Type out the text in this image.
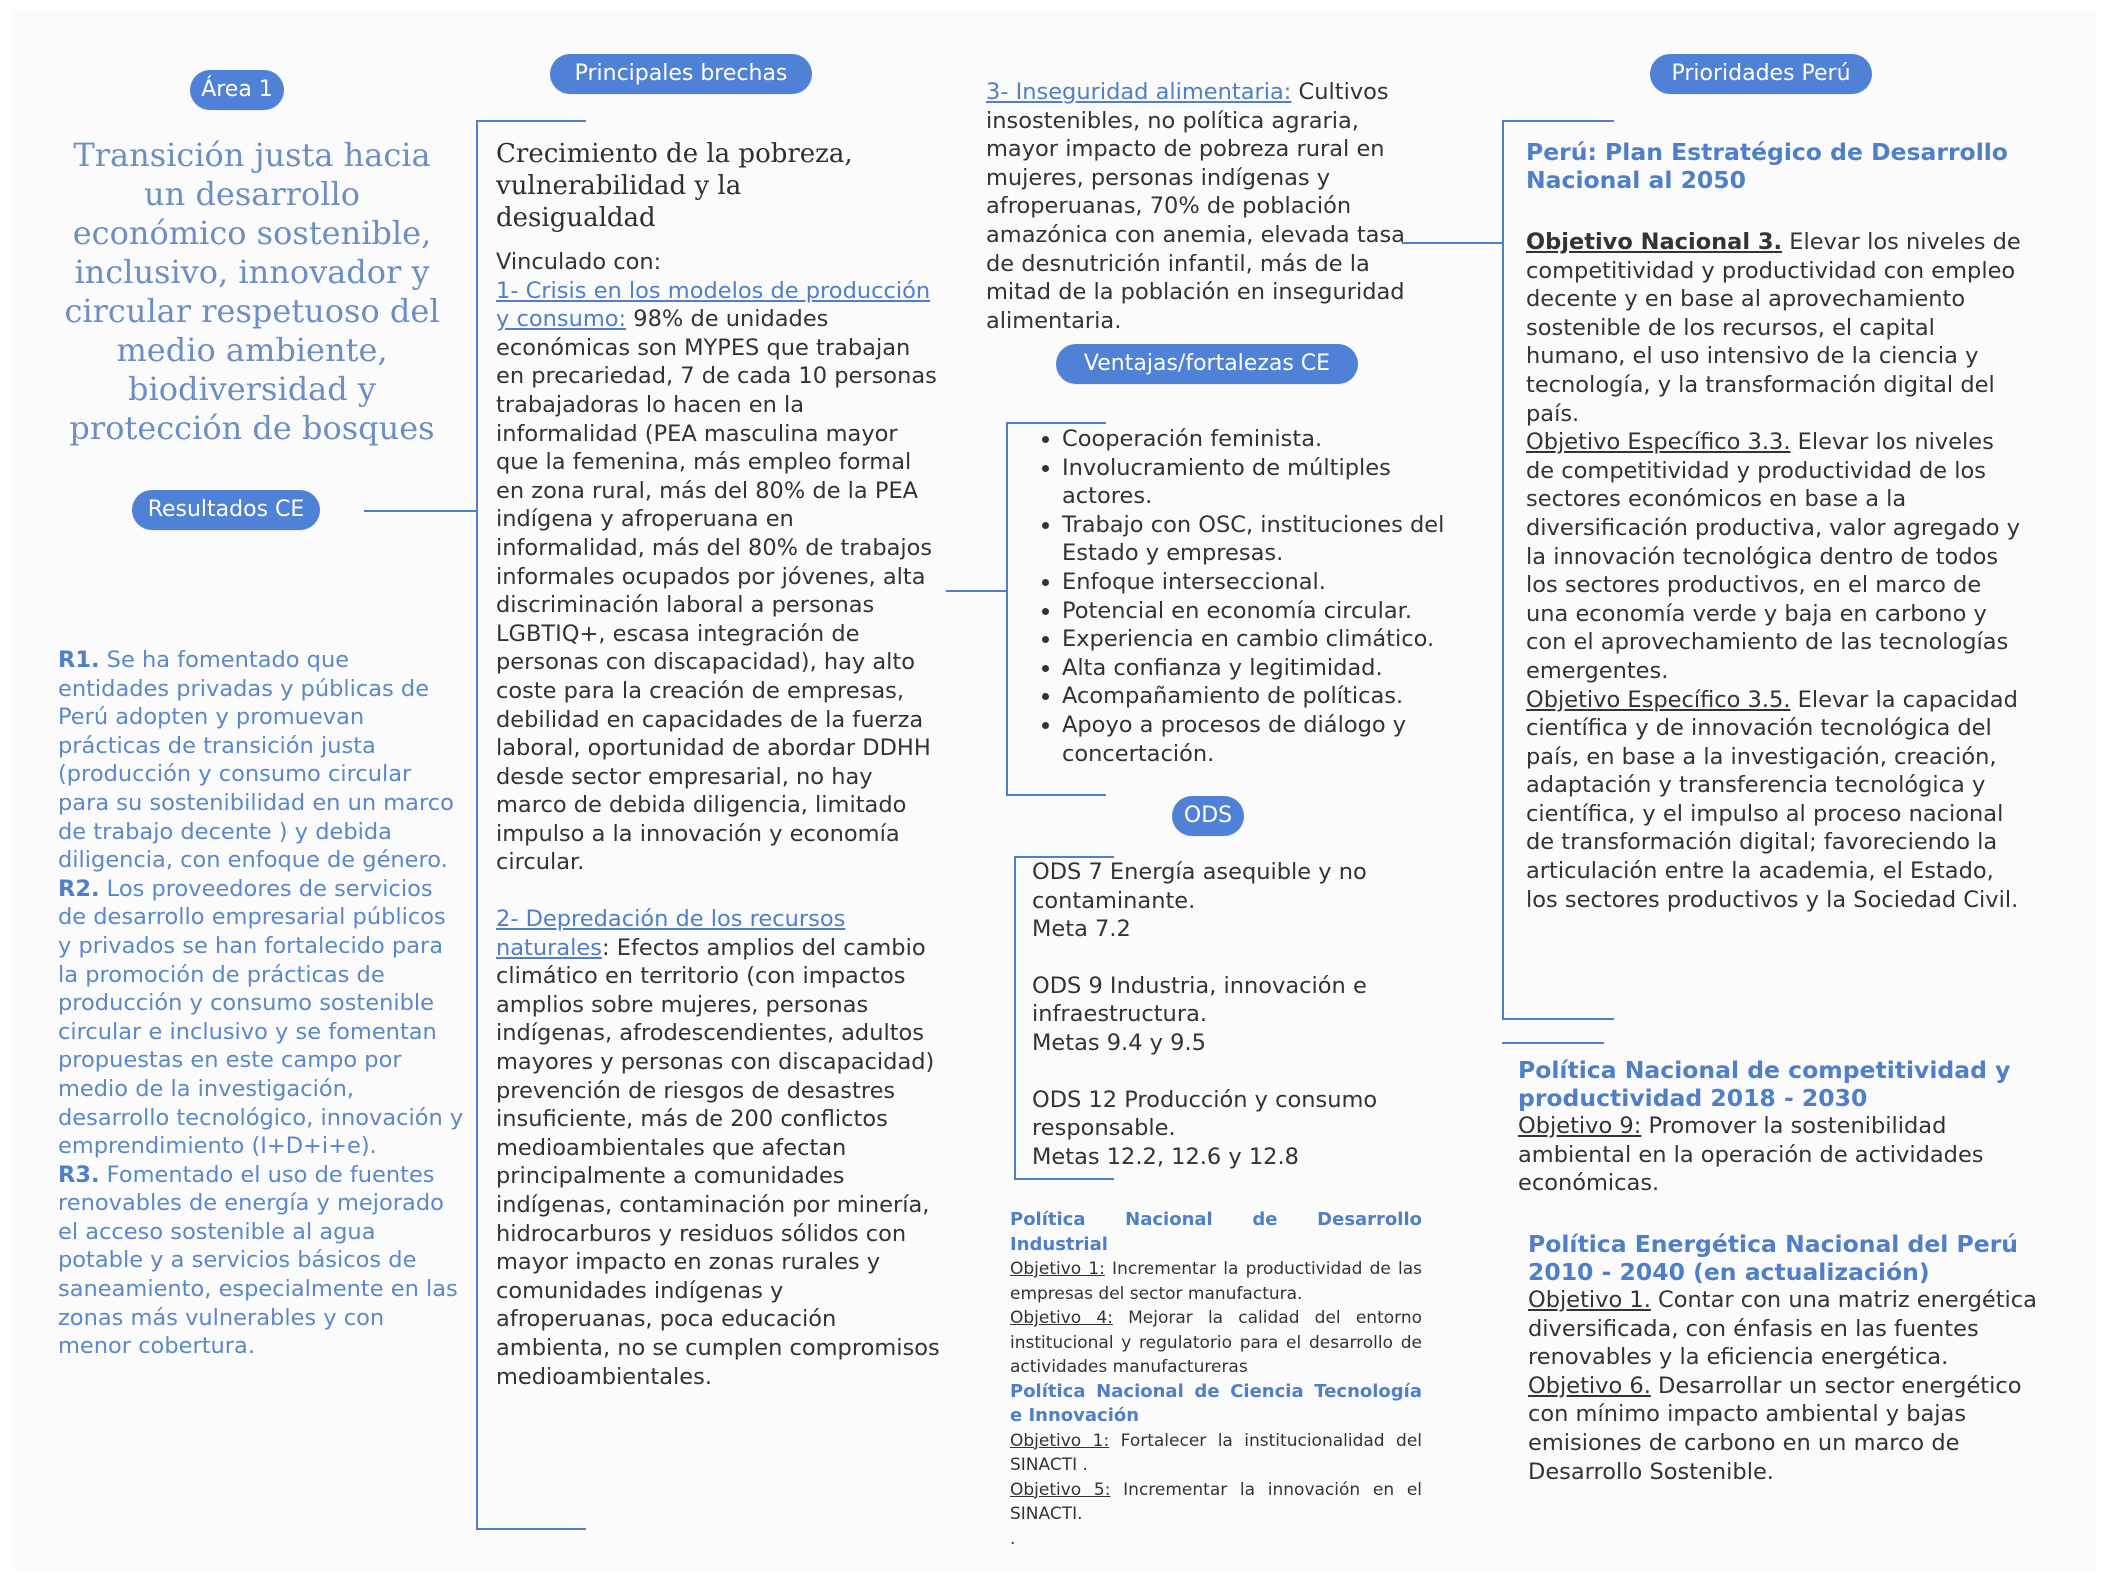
Área 1
Transición justa hacia un desarrollo económico sostenible, inclusivo, innovador y circular respetuoso del medio ambiente, biodiversidad y protección de bosques
Resultados CE
R1. Se ha fomentado que entidades privadas y públicas de Perú adopten y promuevan prácticas de transición justa (producción y consumo circular para su sostenibilidad en un marco de trabajo decente ) y debida diligencia, con enfoque de género.
R2. Los proveedores de servicios de desarrollo empresarial públicos y privados se han fortalecido para la promoción de prácticas de producción y consumo sostenible circular e inclusivo y se fomentan propuestas en este campo por medio de la investigación, desarrollo tecnológico, innovación y emprendimiento (I+D+i+e).
R3. Fomentado el uso de fuentes renovables de energía y mejorado el acceso sostenible al agua potable y a servicios básicos de saneamiento, especialmente en las zonas más vulnerables y con menor cobertura.
Principales brechas
Crecimiento de la pobreza, vulnerabilidad y la desigualdad
Vinculado con:
1- Crisis en los modelos de producción y consumo: 98% de unidades económicas son MYPES que trabajan en precariedad, 7 de cada 10 personas trabajadoras lo hacen en la informalidad (PEA masculina mayor que la femenina, más empleo formal en zona rural, más del 80% de la PEA indígena y afroperuana en informalidad, más del 80% de trabajos informales ocupados por jóvenes, alta discriminación laboral a personas LGBTIQ+, escasa integración de personas con discapacidad), hay alto coste para la creación de empresas, debilidad en capacidades de la fuerza laboral, oportunidad de abordar DDHH desde sector empresarial, no hay marco de debida diligencia, limitado impulso a la innovación y economía circular.
2- Depredación de los recursos naturales: Efectos amplios del cambio climático en territorio (con impactos amplios sobre mujeres, personas indígenas, afrodescendientes, adultos mayores y personas con discapacidad) prevención de riesgos de desastres insuficiente, más de 200 conflictos medioambientales que afectan principalmente a comunidades indígenas, contaminación por minería, hidrocarburos y residuos sólidos con mayor impacto en zonas rurales y comunidades indígenas y afroperuanas, poca educación ambienta, no se cumplen compromisos medioambientales.
3- Inseguridad alimentaria: Cultivos insostenibles, no política agraria, mayor impacto de pobreza rural en mujeres, personas indígenas y afroperuanas, 70% de población amazónica con anemia, elevada tasa de desnutrición infantil, más de la mitad de la población en inseguridad alimentaria.
Ventajas/fortalezas CE
• Cooperación feminista.
• Involucramiento de múltiples actores.
• Trabajo con OSC, instituciones del Estado y empresas.
• Enfoque interseccional.
• Potencial en economía circular.
• Experiencia en cambio climático.
• Alta confianza y legitimidad.
• Acompañamiento de políticas.
• Apoyo a procesos de diálogo y concertación.
ODS
ODS 7 Energía asequible y no contaminante.
Meta 7.2
ODS 9 Industria, innovación e infraestructura.
Metas 9.4 y 9.5
ODS 12 Producción y consumo responsable.
Metas 12.2, 12.6 y 12.8
Política Nacional de Desarrollo Industrial
Objetivo 1: Incrementar la productividad de las empresas del sector manufactura.
Objetivo 4: Mejorar la calidad del entorno institucional y regulatorio para el desarrollo de actividades manufactureras
Política Nacional de Ciencia Tecnología e Innovación
Objetivo 1: Fortalecer la institucionalidad del SINACTI .
Objetivo 5: Incrementar la innovación en el SINACTI.
.
Prioridades Perú
Perú: Plan Estratégico de Desarrollo Nacional al 2050
Objetivo Nacional 3. Elevar los niveles de competitividad y productividad con empleo decente y en base al aprovechamiento sostenible de los recursos, el capital humano, el uso intensivo de la ciencia y tecnología, y la transformación digital del país.
Objetivo Específico 3.3. Elevar los niveles de competitividad y productividad de los sectores económicos en base a la diversificación productiva, valor agregado y la innovación tecnológica dentro de todos los sectores productivos, en el marco de una economía verde y baja en carbono y con el aprovechamiento de las tecnologías emergentes.
Objetivo Específico 3.5. Elevar la capacidad científica y de innovación tecnológica del país, en base a la investigación, creación, adaptación y transferencia tecnológica y científica, y el impulso al proceso nacional de transformación digital; favoreciendo la articulación entre la academia, el Estado, los sectores productivos y la Sociedad Civil.
Política Nacional de competitividad y productividad 2018 - 2030
Objetivo 9: Promover la sostenibilidad ambiental en la operación de actividades económicas.
Política Energética Nacional del Perú 2010 - 2040 (en actualización)
Objetivo 1. Contar con una matriz energética diversificada, con énfasis en las fuentes renovables y la eficiencia energética.
Objetivo 6. Desarrollar un sector energético con mínimo impacto ambiental y bajas emisiones de carbono en un marco de Desarrollo Sostenible.
